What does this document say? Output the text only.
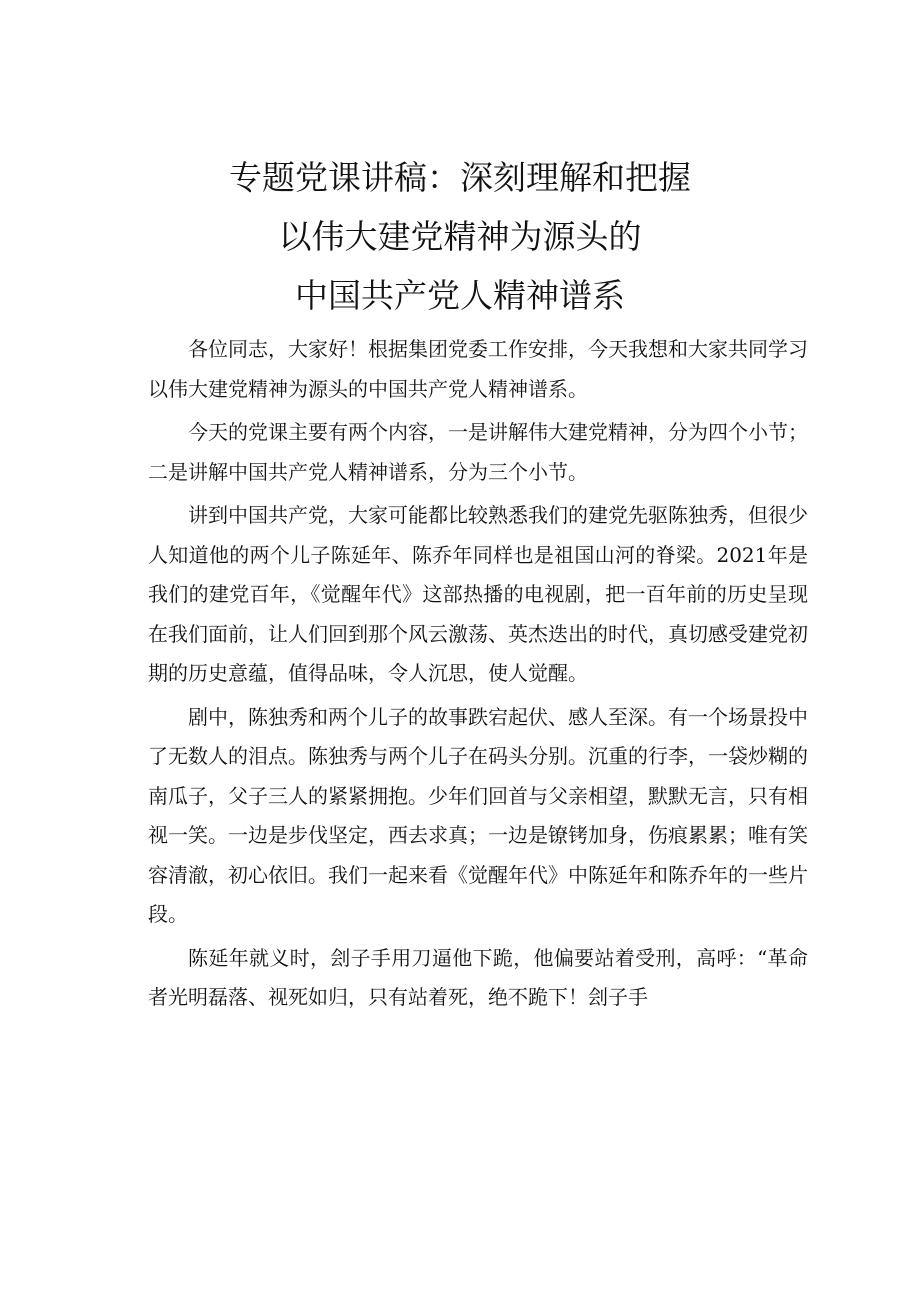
专题党课讲稿：深刻理解和把握
以伟大建党精神为源头的
中国共产党人精神谱系

各位同志，大家好！根据集团党委工作安排，今天我想和大家共同学习以伟大建党精神为源头的中国共产党人精神谱系。

今天的党课主要有两个内容，一是讲解伟大建党精神，分为四个小节；二是讲解中国共产党人精神谱系，分为三个小节。

讲到中国共产党，大家可能都比较熟悉我们的建党先驱陈独秀，但很少人知道他的两个儿子陈延年、陈乔年同样也是祖国山河的脊梁。2021年是我们的建党百年，《觉醒年代》这部热播的电视剧，把一百年前的历史呈现在我们面前，让人们回到那个风云激荡、英杰迭出的时代，真切感受建党初期的历史意蕴，值得品味，令人沉思，使人觉醒。

剧中，陈独秀和两个儿子的故事跌宕起伏、感人至深。有一个场景投中了无数人的泪点。陈独秀与两个儿子在码头分别。沉重的行李，一袋炒糊的南瓜子，父子三人的紧紧拥抱。少年们回首与父亲相望，默默无言，只有相视一笑。一边是步伐坚定，西去求真；一边是镣铐加身，伤痕累累；唯有笑容清澈，初心依旧。我们一起来看《觉醒年代》中陈延年和陈乔年的一些片段。

陈延年就义时，刽子手用刀逼他下跪，他偏要站着受刑，高呼：“革命者光明磊落、视死如归，只有站着死，绝不跪下！刽子手
